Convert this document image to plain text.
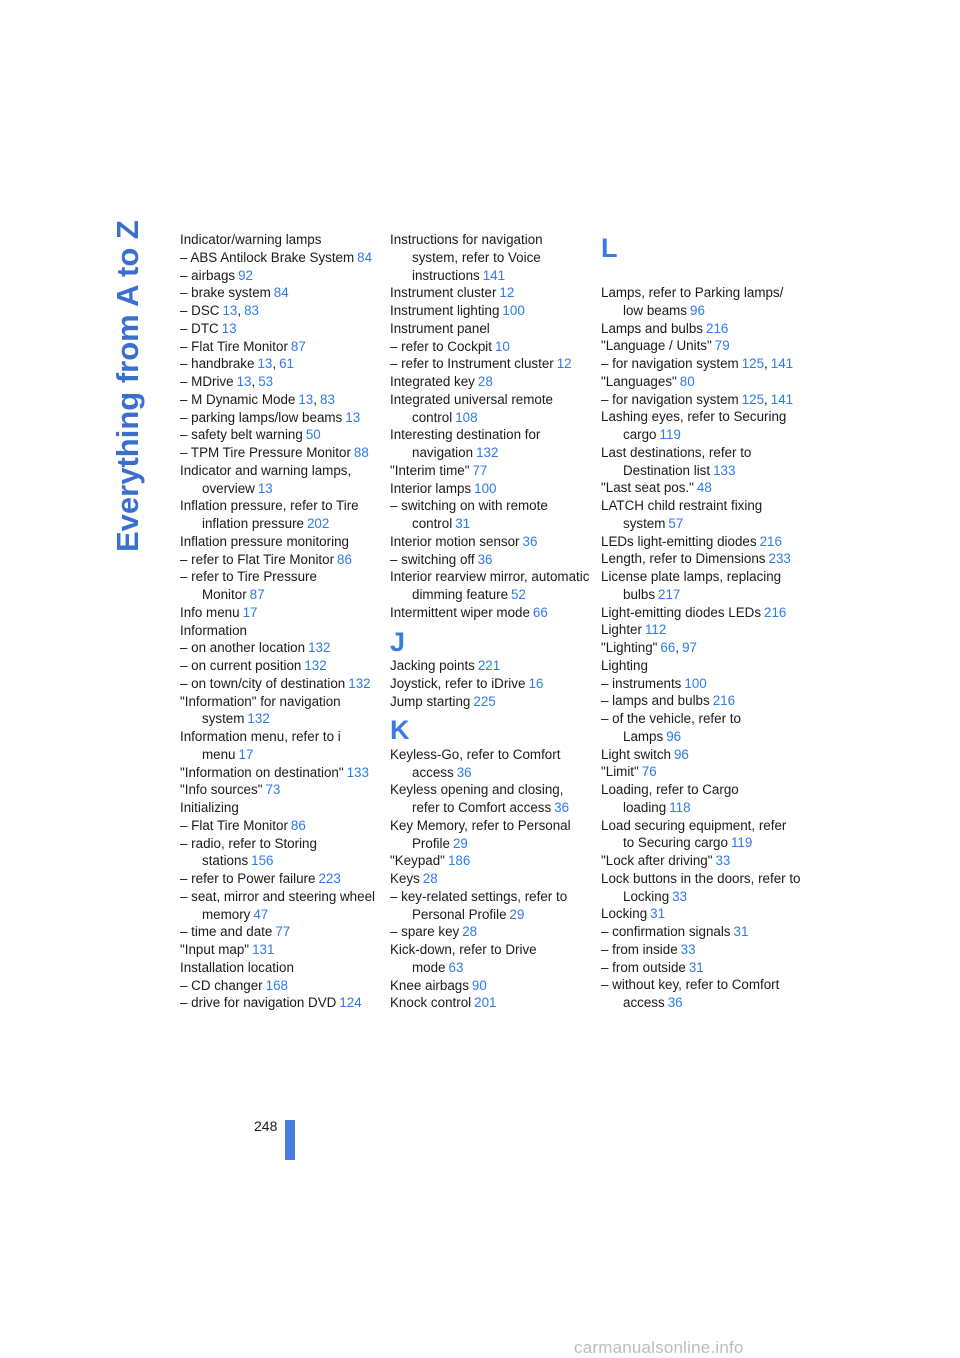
Everything from A to Z	Indicator/warning lamps
– ABS Antilock Brake System 84
– airbags 92
– brake system 84
– DSC 13, 83
– DTC 13
– Flat Tire Monitor 87
– handbrake 13, 61
– MDrive 13, 53
– M Dynamic Mode 13, 83
– parking lamps/low beams 13
– safety belt warning 50
– TPM Tire Pressure Monitor 88
Indicator and warning lamps, overview 13
Inflation pressure, refer to Tire inflation pressure 202
Inflation pressure monitoring
– refer to Flat Tire Monitor 86
– refer to Tire Pressure Monitor 87
Info menu 17
Information
– on another location 132
– on current position 132
– on town/city of destination 132
"Information" for navigation system 132
Information menu, refer to i menu 17
"Information on destination" 133
"Info sources" 73
Initializing
– Flat Tire Monitor 86
– radio, refer to Storing stations 156
– refer to Power failure 223
– seat, mirror and steering wheel memory 47
– time and date 77
"Input map" 131
Installation location
– CD changer 168
– drive for navigation DVD 124
Instructions for navigation system, refer to Voice instructions 141
Instrument cluster 12
Instrument lighting 100
Instrument panel
– refer to Cockpit 10
– refer to Instrument cluster 12
Integrated key 28
Integrated universal remote control 108
Interesting destination for navigation 132
"Interim time" 77
Interior lamps 100
– switching on with remote control 31
Interior motion sensor 36
– switching off 36
Interior rearview mirror, automatic dimming feature 52
Intermittent wiper mode 66
J
Jacking points 221
Joystick, refer to iDrive 16
Jump starting 225
K
Keyless-Go, refer to Comfort access 36
Keyless opening and closing, refer to Comfort access 36
Key Memory, refer to Personal Profile 29
"Keypad" 186
Keys 28
– key-related settings, refer to Personal Profile 29
– spare key 28
Kick-down, refer to Drive mode 63
Knee airbags 90
Knock control 201
L
Lamps, refer to Parking lamps/ low beams 96
Lamps and bulbs 216
"Language / Units" 79
– for navigation system 125, 141
"Languages" 80
– for navigation system 125, 141
Lashing eyes, refer to Securing cargo 119
Last destinations, refer to Destination list 133
"Last seat pos." 48
LATCH child restraint fixing system 57
LEDs light-emitting diodes 216
Length, refer to Dimensions 233
License plate lamps, replacing bulbs 217
Light-emitting diodes LEDs 216
Lighter 112
"Lighting" 66, 97
Lighting
– instruments 100
– lamps and bulbs 216
– of the vehicle, refer to Lamps 96
Light switch 96
"Limit" 76
Loading, refer to Cargo loading 118
Load securing equipment, refer to Securing cargo 119
"Lock after driving" 33
Lock buttons in the doors, refer to Locking 33
Locking 31
– confirmation signals 31
– from inside 33
– from outside 31
– without key, refer to Comfort access 36
248
carmanualsonline.info
